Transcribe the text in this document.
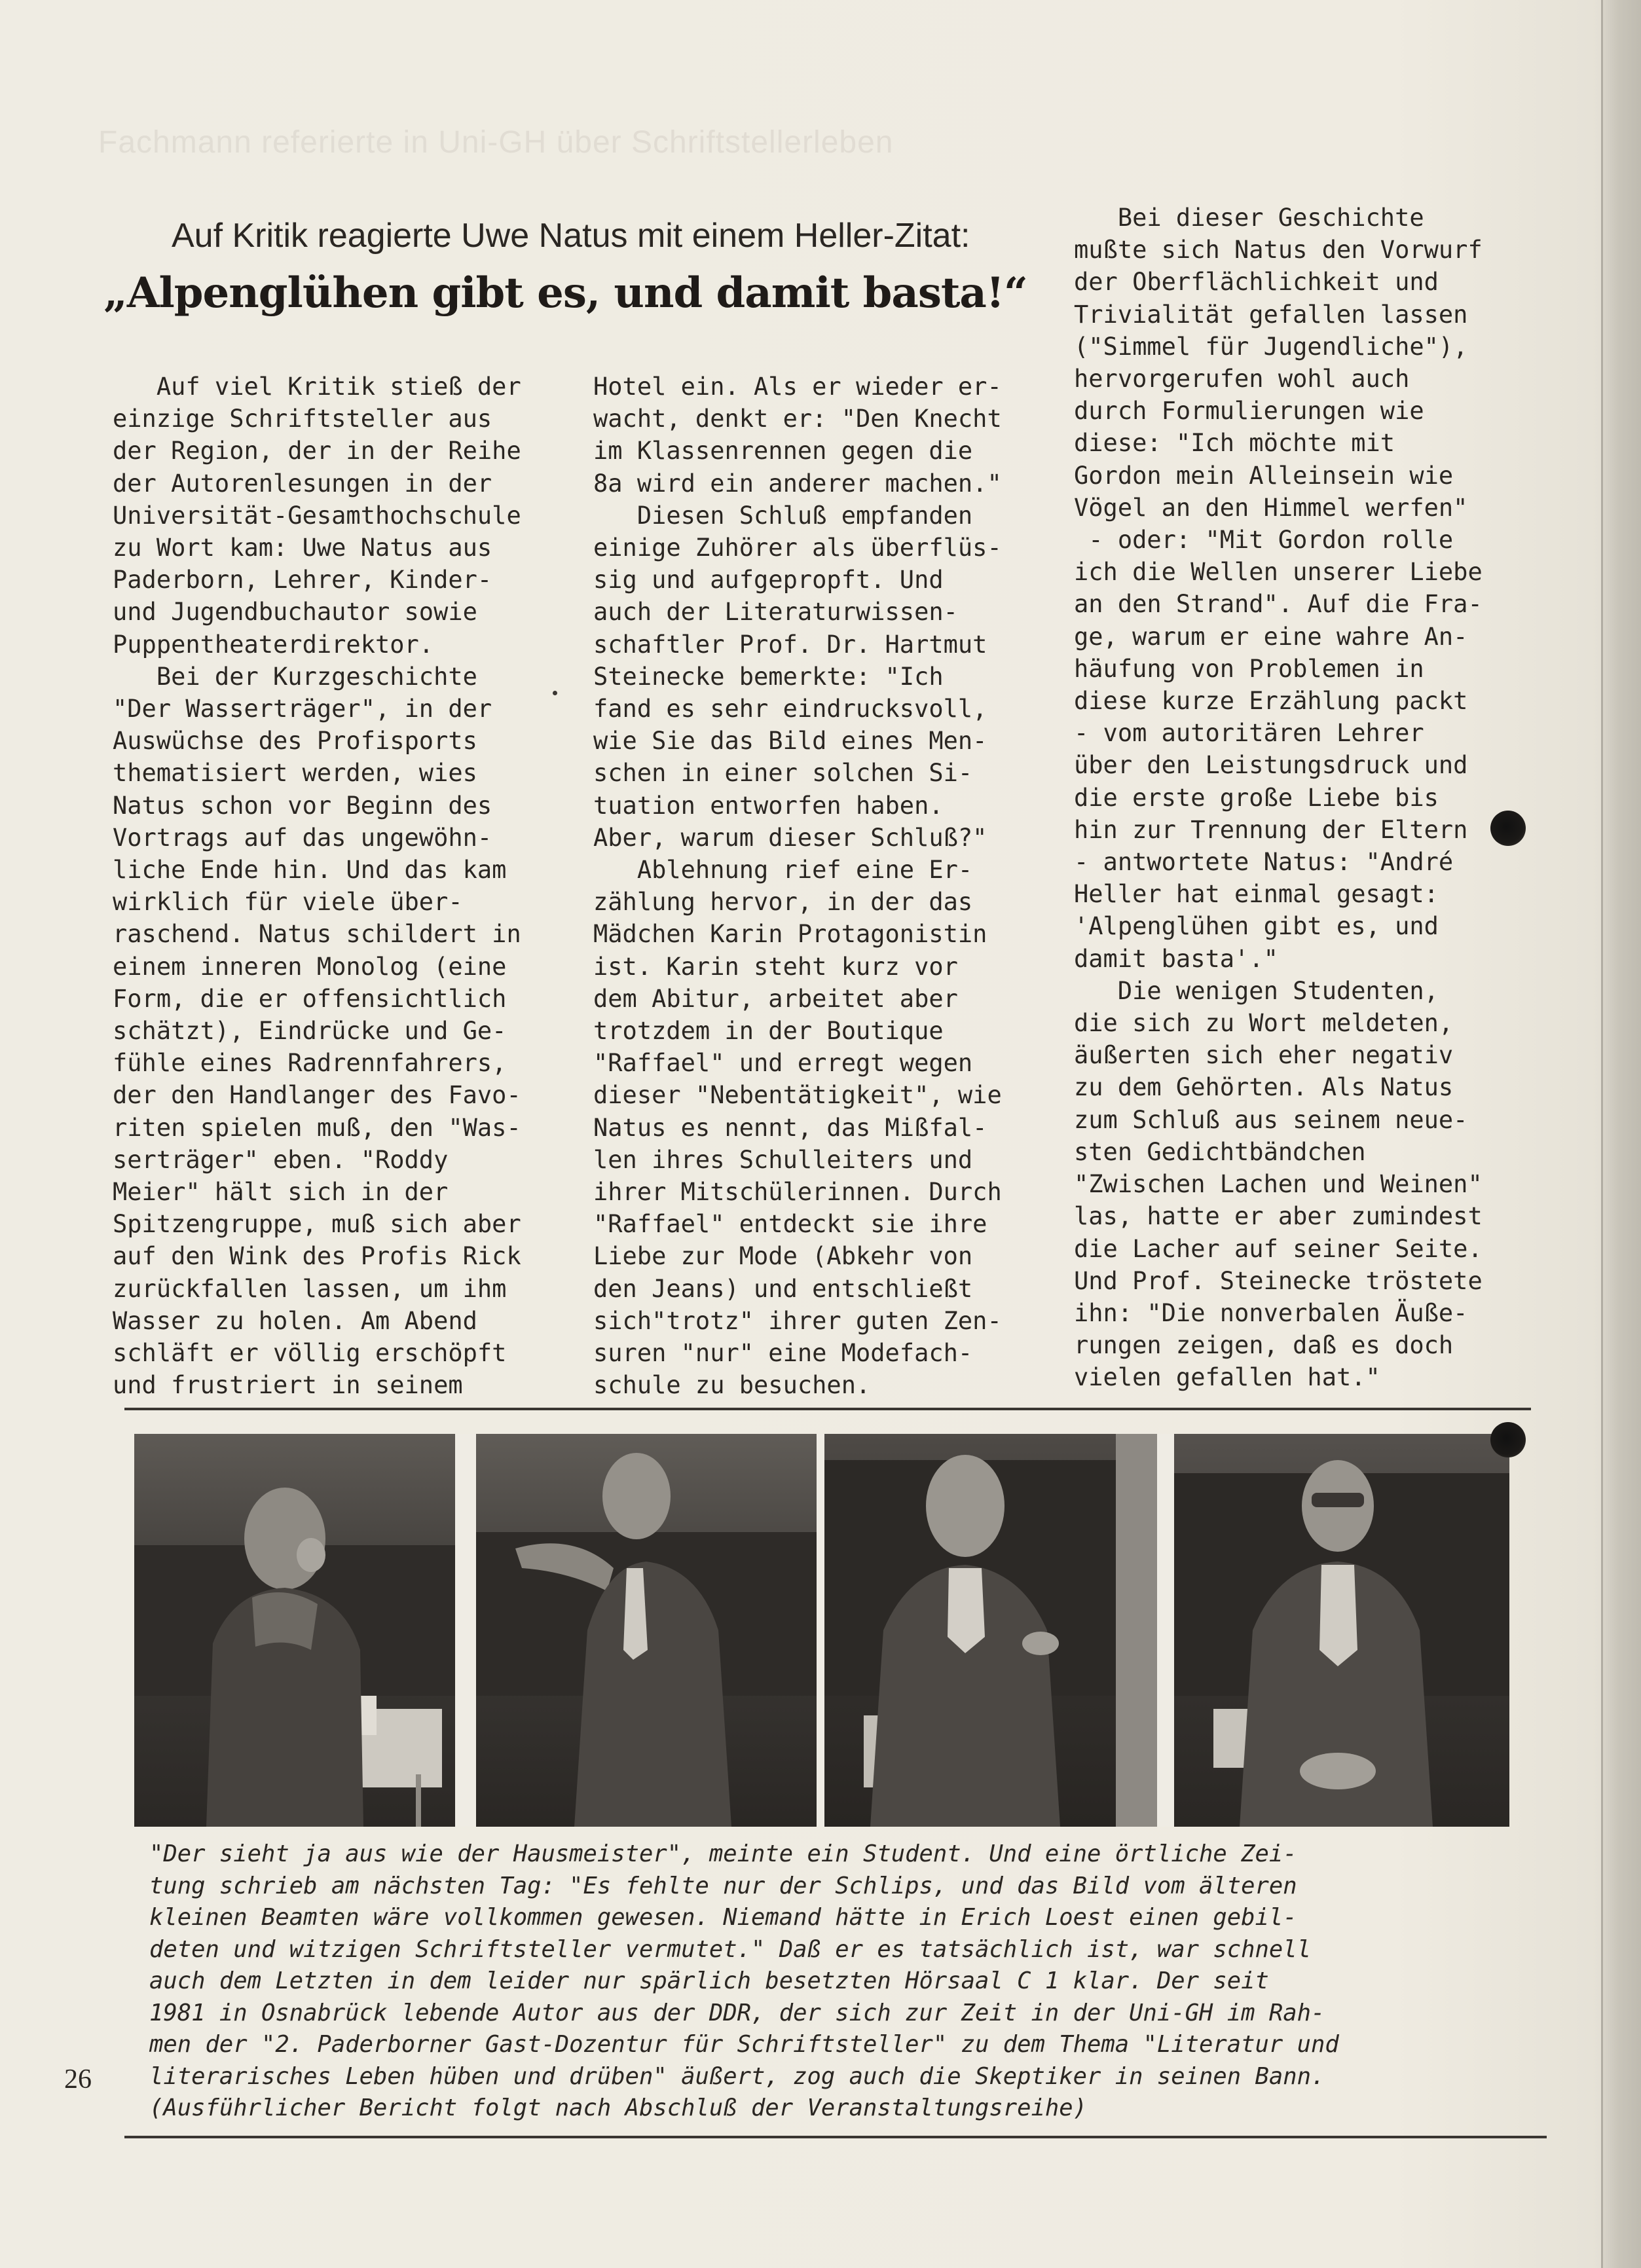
Fachmann referierte in Uni-GH über Schriftstellerleben
Auf Kritik reagierte Uwe Natus mit einem Heller-Zitat:
„Alpenglühen gibt es, und damit basta!“
Auf viel Kritik stieß der
einzige Schriftsteller aus
der Region, der in der Reihe
der Autorenlesungen in der
Universität-Gesamthochschule
zu Wort kam: Uwe Natus aus
Paderborn, Lehrer, Kinder-
und Jugendbuchautor sowie
Puppentheaterdirektor.
Bei der Kurzgeschichte
"Der Wasserträger", in der
Auswüchse des Profisports
thematisiert werden, wies
Natus schon vor Beginn des
Vortrags auf das ungewöhn-
liche Ende hin. Und das kam
wirklich für viele über-
raschend. Natus schildert in
einem inneren Monolog (eine
Form, die er offensichtlich
schätzt), Eindrücke und Ge-
fühle eines Radrennfahrers,
der den Handlanger des Favo-
riten spielen muß, den "Was-
serträger" eben. "Roddy
Meier" hält sich in der
Spitzengruppe, muß sich aber
auf den Wink des Profis Rick
zurückfallen lassen, um ihm
Wasser zu holen. Am Abend
schläft er völlig erschöpft
und frustriert in seinem
Hotel ein. Als er wieder er-
wacht, denkt er: "Den Knecht
im Klassenrennen gegen die
8a wird ein anderer machen."
Diesen Schluß empfanden
einige Zuhörer als überflüs-
sig und aufgepropft. Und
auch der Literaturwissen-
schaftler Prof. Dr. Hartmut
Steinecke bemerkte: "Ich
fand es sehr eindrucksvoll,
wie Sie das Bild eines Men-
schen in einer solchen Si-
tuation entworfen haben.
Aber, warum dieser Schluß?"
Ablehnung rief eine Er-
zählung hervor, in der das
Mädchen Karin Protagonistin
ist. Karin steht kurz vor
dem Abitur, arbeitet aber
trotzdem in der Boutique
"Raffael" und erregt wegen
dieser "Nebentätigkeit", wie
Natus es nennt, das Mißfal-
len ihres Schulleiters und
ihrer Mitschülerinnen. Durch
"Raffael" entdeckt sie ihre
Liebe zur Mode (Abkehr von
den Jeans) und entschließt
sich"trotz" ihrer guten Zen-
suren "nur" eine Modefach-
schule zu besuchen.
Bei dieser Geschichte
mußte sich Natus den Vorwurf
der Oberflächlichkeit und
Trivialität gefallen lassen
("Simmel für Jugendliche"),
hervorgerufen wohl auch
durch Formulierungen wie
diese: "Ich möchte mit
Gordon mein Alleinsein wie
Vögel an den Himmel werfen"
- oder: "Mit Gordon rolle
ich die Wellen unserer Liebe
an den Strand". Auf die Fra-
ge, warum er eine wahre An-
häufung von Problemen in
diese kurze Erzählung packt
- vom autoritären Lehrer
über den Leistungsdruck und
die erste große Liebe bis
hin zur Trennung der Eltern
- antwortete Natus: "André
Heller hat einmal gesagt:
'Alpenglühen gibt es, und
damit basta'."
Die wenigen Studenten,
die sich zu Wort meldeten,
äußerten sich eher negativ
zu dem Gehörten. Als Natus
zum Schluß aus seinem neue-
sten Gedichtbändchen
"Zwischen Lachen und Weinen"
las, hatte er aber zumindest
die Lacher auf seiner Seite.
Und Prof. Steinecke tröstete
ihn: "Die nonverbalen Äuße-
rungen zeigen, daß es doch
vielen gefallen hat."
"Der sieht ja aus wie der Hausmeister", meinte ein Student. Und eine örtliche Zei-
tung schrieb am nächsten Tag: "Es fehlte nur der Schlips, und das Bild vom älteren
kleinen Beamten wäre vollkommen gewesen. Niemand hätte in Erich Loest einen gebil-
deten und witzigen Schriftsteller vermutet." Daß er es tatsächlich ist, war schnell
auch dem Letzten in dem leider nur spärlich besetzten Hörsaal C 1 klar. Der seit
1981 in Osnabrück lebende Autor aus der DDR, der sich zur Zeit in der Uni-GH im Rah-
men der "2. Paderborner Gast-Dozentur für Schriftsteller" zu dem Thema "Literatur und
literarisches Leben hüben und drüben" äußert, zog auch die Skeptiker in seinen Bann.
(Ausführlicher Bericht folgt nach Abschluß der Veranstaltungsreihe)
26
